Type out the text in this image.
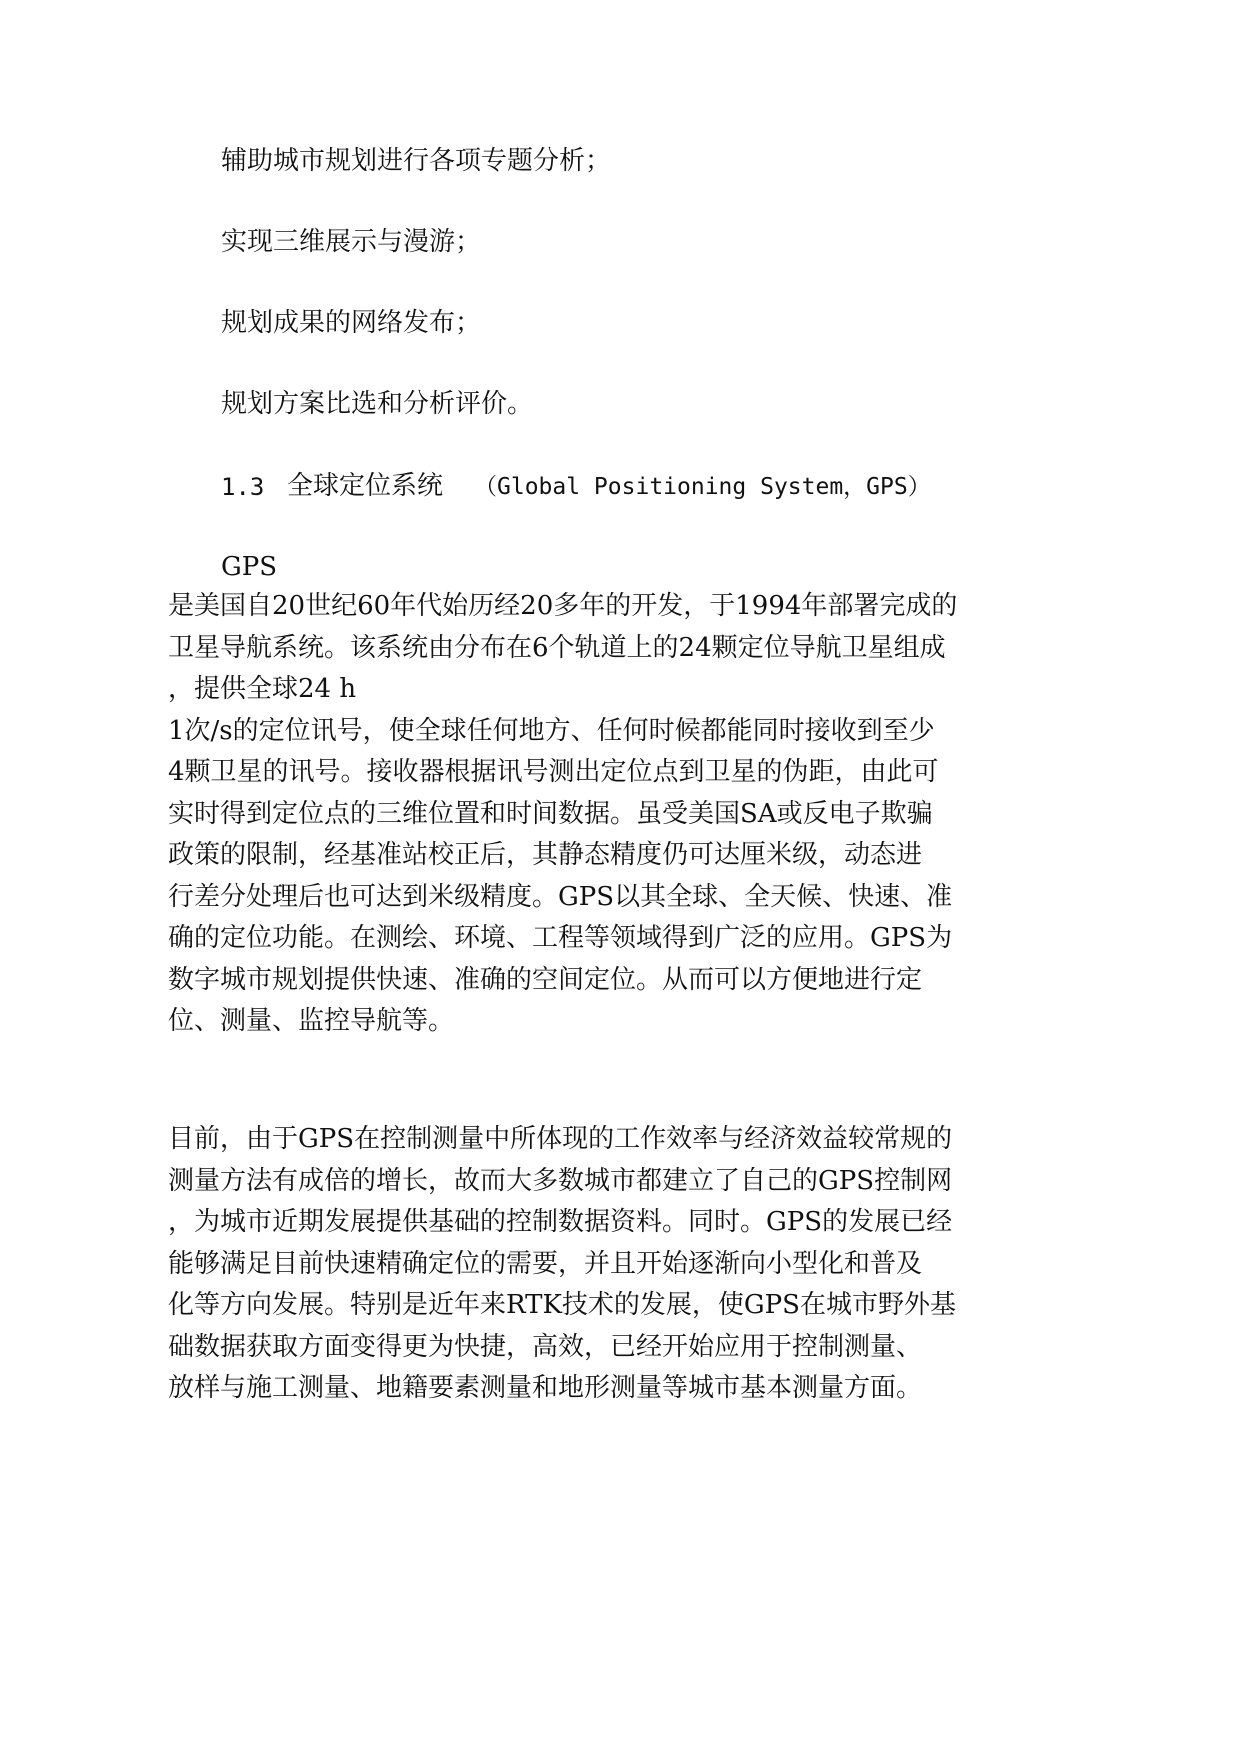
辅助城市规划进行各项专题分析；
实现三维展示与漫游；
规划成果的网络发布；
规划方案比选和分析评价。
1.3 全球定位系统 （Global Positioning System，GPS）
GPS
是美国自20世纪60年代始历经20多年的开发，于1994年部署完成的
卫星导航系统。该系统由分布在6个轨道上的24颗定位导航卫星组成
，提供全球24 h
1次/s的定位讯号，使全球任何地方、任何时候都能同时接收到至少
4颗卫星的讯号。接收器根据讯号测出定位点到卫星的伪距，由此可
实时得到定位点的三维位置和时间数据。虽受美国SA或反电子欺骗
政策的限制，经基准站校正后，其静态精度仍可达厘米级，动态进
行差分处理后也可达到米级精度。GPS以其全球、全天候、快速、准
确的定位功能。在测绘、环境、工程等领域得到广泛的应用。GPS为
数字城市规划提供快速、准确的空间定位。从而可以方便地进行定
位、测量、监控导航等。
目前，由于GPS在控制测量中所体现的工作效率与经济效益较常规的
测量方法有成倍的增长，故而大多数城市都建立了自己的GPS控制网
，为城市近期发展提供基础的控制数据资料。同时。GPS的发展已经
能够满足目前快速精确定位的需要，并且开始逐渐向小型化和普及
化等方向发展。特别是近年来RTK技术的发展，使GPS在城市野外基
础数据获取方面变得更为快捷，高效，已经开始应用于控制测量、
放样与施工测量、地籍要素测量和地形测量等城市基本测量方面。
